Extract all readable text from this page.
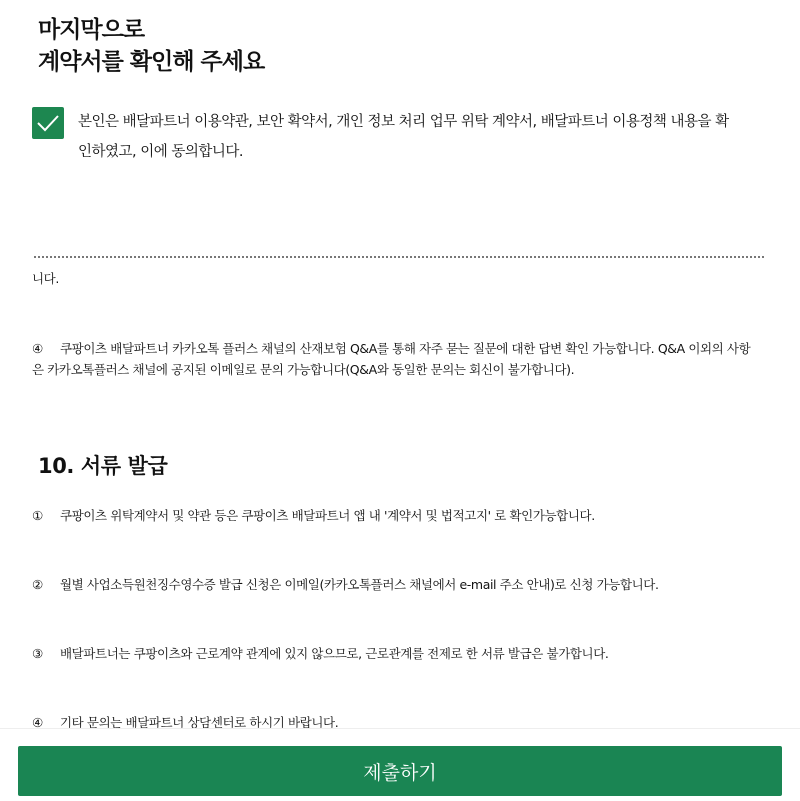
마지막으로
계약서를 확인해 주세요
본인은 배달파트너 이용약관, 보안 확약서, 개인 정보 처리 업무 위탁 계약서, 배달파트너 이용정책 내용을 확
인하였고, 이에 동의합니다.
니다.
④ 쿠팡이츠 배달파트너 카카오톡 플러스 채널의 산재보험 Q&A를 통해 자주 묻는 질문에 대한 답변 확인 가능합니다. Q&A 이외의 사항
은 카카오톡플러스 채널에 공지된 이메일로 문의 가능합니다(Q&A와 동일한 문의는 회신이 불가합니다).
10. 서류 발급
① 쿠팡이츠 위탁계약서 및 약관 등은 쿠팡이츠 배달파트너 앱 내 '계약서 및 법적고지' 로 확인가능합니다.
② 월별 사업소득원천징수영수증 발급 신청은 이메일(카카오톡플러스 채널에서 e-mail 주소 안내)로 신청 가능합니다.
③ 배달파트너는 쿠팡이츠와 근로계약 관계에 있지 않으므로, 근로관계를 전제로 한 서류 발급은 불가합니다.
④ 기타 문의는 배달파트너 상담센터로 하시기 바랍니다.
제출하기
